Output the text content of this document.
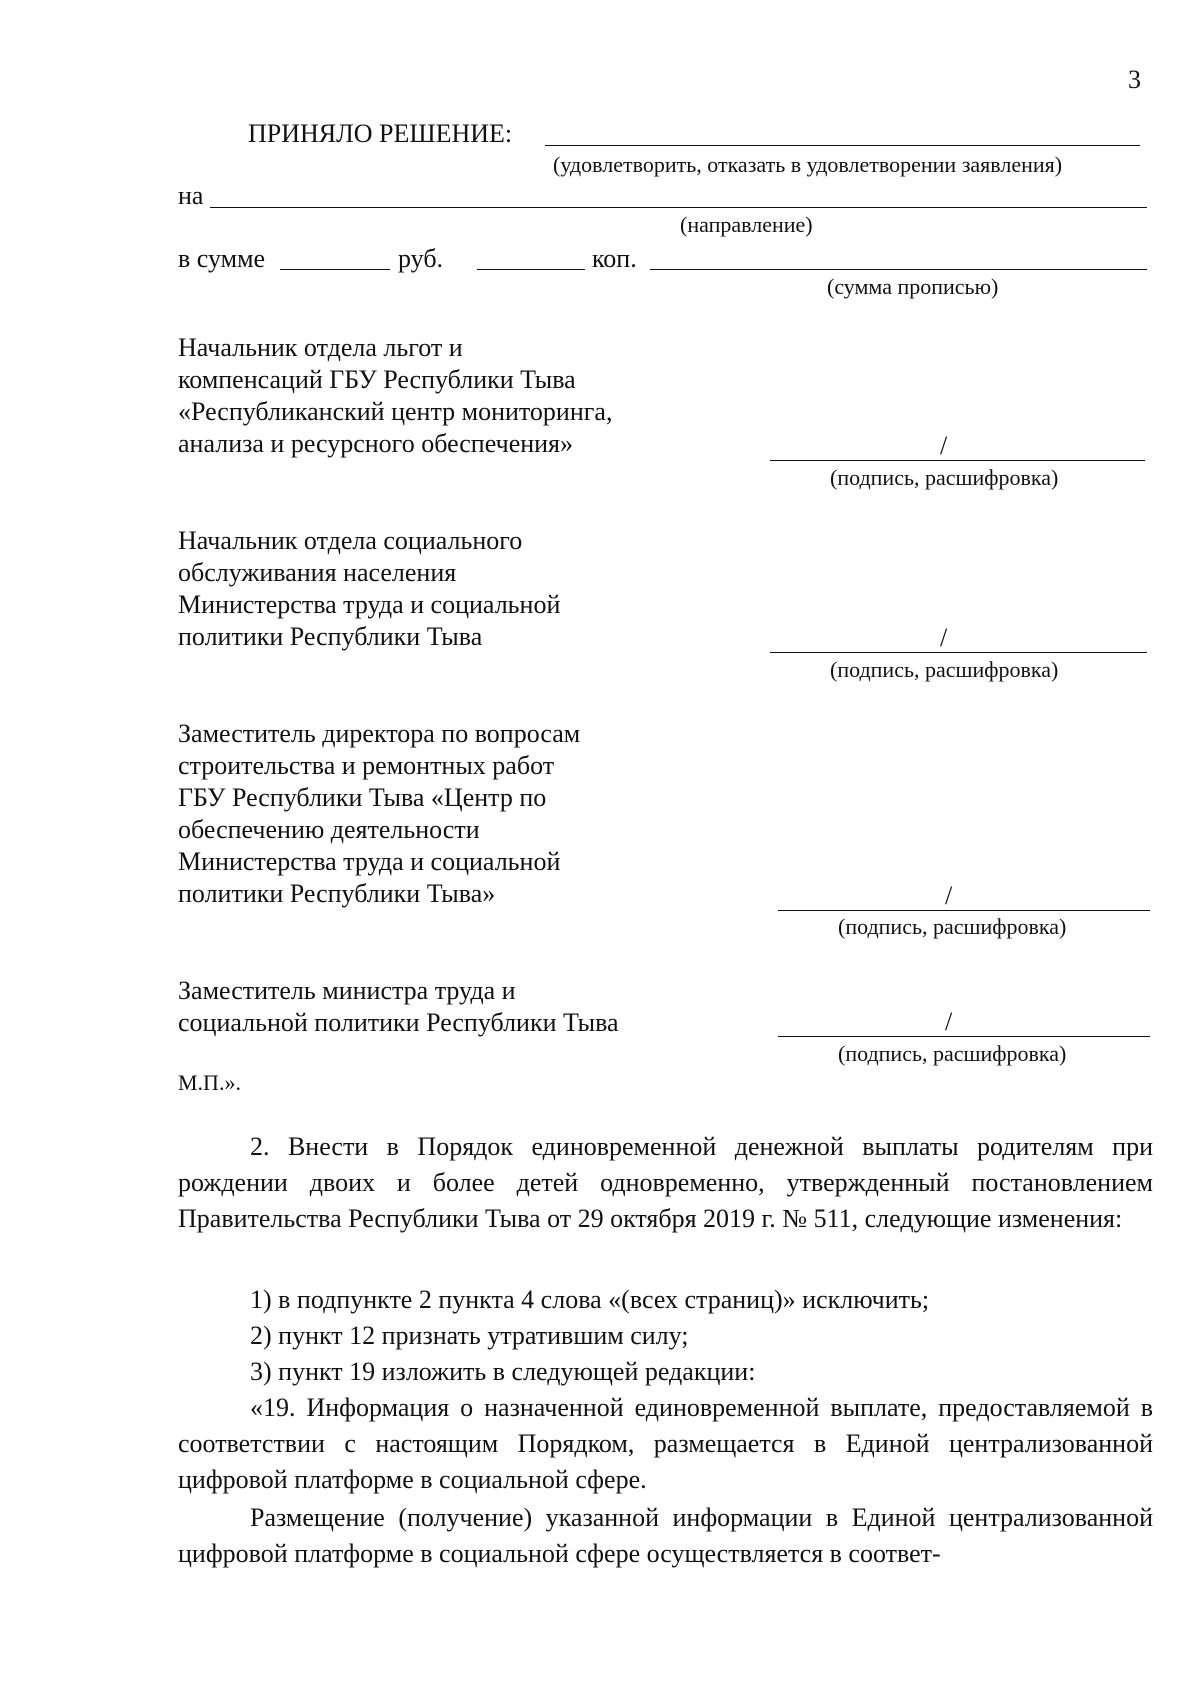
3
ПРИНЯЛО РЕШЕНИЕ:
(удовлетворить, отказать в удовлетворении заявления)
на
(направление)
в сумме	руб.	коп.
(сумма прописью)
Начальник отдела льгот и
компенсаций ГБУ Республики Тыва
«Республиканский центр мониторинга,
анализа и ресурсного обеспечения»	/
(подпись, расшифровка)
Начальник отдела социального
обслуживания населения
Министерства труда и социальной
политики Республики Тыва	/
(подпись, расшифровка)
Заместитель директора по вопросам
строительства и ремонтных работ
ГБУ Республики Тыва «Центр по
обеспечению деятельности
Министерства труда и социальной
политики Республики Тыва»	/
(подпись, расшифровка)
Заместитель министра труда и
социальной политики Республики Тыва	/
(подпись, расшифровка)
М.П.».
2. Внести в Порядок единовременной денежной выплаты родителям при рождении двоих и более детей одновременно, утвержденный постановлением Правительства Республики Тыва от 29 октября 2019 г. № 511, следующие изменения:
1) в подпункте 2 пункта 4 слова «(всех страниц)» исключить;
2) пункт 12 признать утратившим силу;
3) пункт 19 изложить в следующей редакции:
«19. Информация о назначенной единовременной выплате, предоставляемой в соответствии с настоящим Порядком, размещается в Единой централизованной цифровой платформе в социальной сфере.
Размещение (получение) указанной информации в Единой централизованной цифровой платформе в социальной сфере осуществляется в соответ-
